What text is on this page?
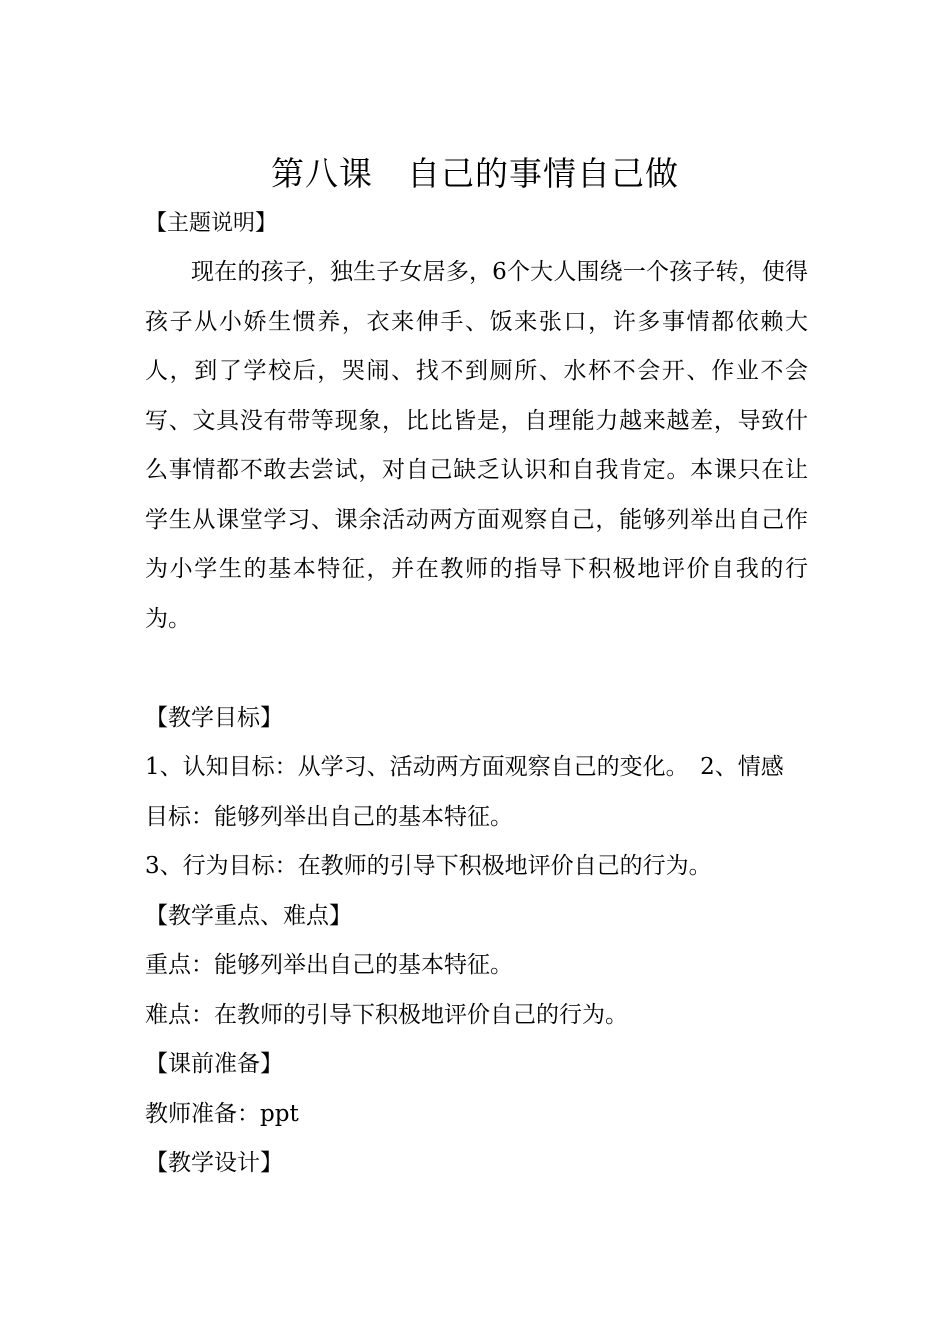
第八课　自己的事情自己做
【主题说明】
现在的孩子，独生子女居多，6个大人围绕一个孩子转，使得孩子从小娇生惯养，衣来伸手、饭来张口，许多事情都依赖大人，到了学校后，哭闹、找不到厕所、水杯不会开、作业不会写、文具没有带等现象，比比皆是，自理能力越来越差，导致什么事情都不敢去尝试，对自己缺乏认识和自我肯定。本课只在让学生从课堂学习、课余活动两方面观察自己，能够列举出自己作为小学生的基本特征，并在教师的指导下积极地评价自我的行为。
【教学目标】
1、认知目标：从学习、活动两方面观察自己的变化。　2、情感
目标：能够列举出自己的基本特征。
3、行为目标：在教师的引导下积极地评价自己的行为。
【教学重点、难点】
重点：能够列举出自己的基本特征。
难点：在教师的引导下积极地评价自己的行为。
【课前准备】
教师准备：ppt
【教学设计】
